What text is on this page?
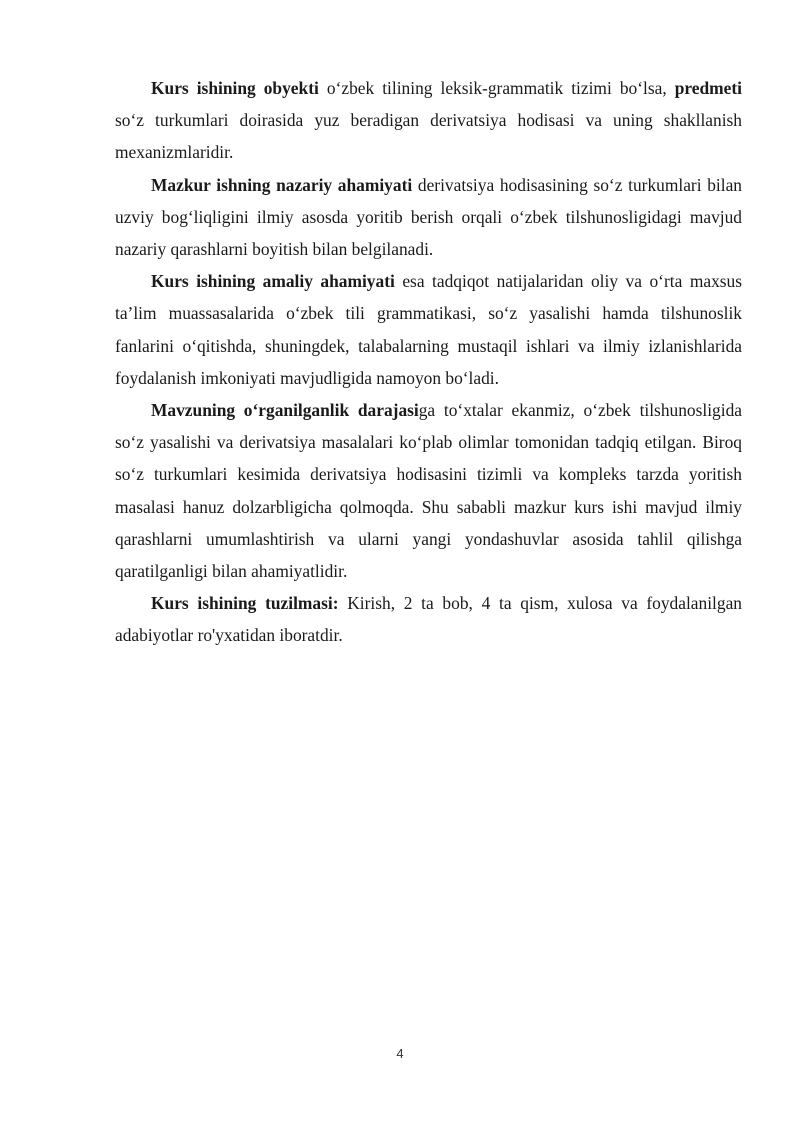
Kurs ishining obyekti o‘zbek tilining leksik-grammatik tizimi bo‘lsa, predmeti so‘z turkumlari doirasida yuz beradigan derivatsiya hodisasi va uning shakllanish mexanizmlaridir.

Mazkur ishning nazariy ahamiyati derivatsiya hodisasining so‘z turkumlari bilan uzviy bog‘liqligini ilmiy asosda yoritib berish orqali o‘zbek tilshunosligidagi mavjud nazariy qarashlarni boyitish bilan belgilanadi.

Kurs ishining amaliy ahamiyati esa tadqiqot natijalaridan oliy va o‘rta maxsus ta’lim muassasalarida o‘zbek tili grammatikasi, so‘z yasalishi hamda tilshunoslik fanlarini o‘qitishda, shuningdek, talabalarning mustaqil ishlari va ilmiy izlanishlarida foydalanish imkoniyati mavjudligida namoyon bo‘ladi.

Mavzuning o‘rganilganlik darajasiga to‘xtalar ekanmiz, o‘zbek tilshunosligida so‘z yasalishi va derivatsiya masalalari ko‘plab olimlar tomonidan tadqiq etilgan. Biroq so‘z turkumlari kesimida derivatsiya hodisasini tizimli va kompleks tarzda yoritish masalasi hanuz dolzarbligicha qolmoqda. Shu sababli mazkur kurs ishi mavjud ilmiy qarashlarni umumlashtirish va ularni yangi yondashuvlar asosida tahlil qilishga qaratilganligi bilan ahamiyatlidir.

Kurs ishining tuzilmasi: Kirish, 2 ta bob, 4 ta qism, xulosa va foydalanilgan adabiyotlar ro'yxatidan iboratdir.

4
